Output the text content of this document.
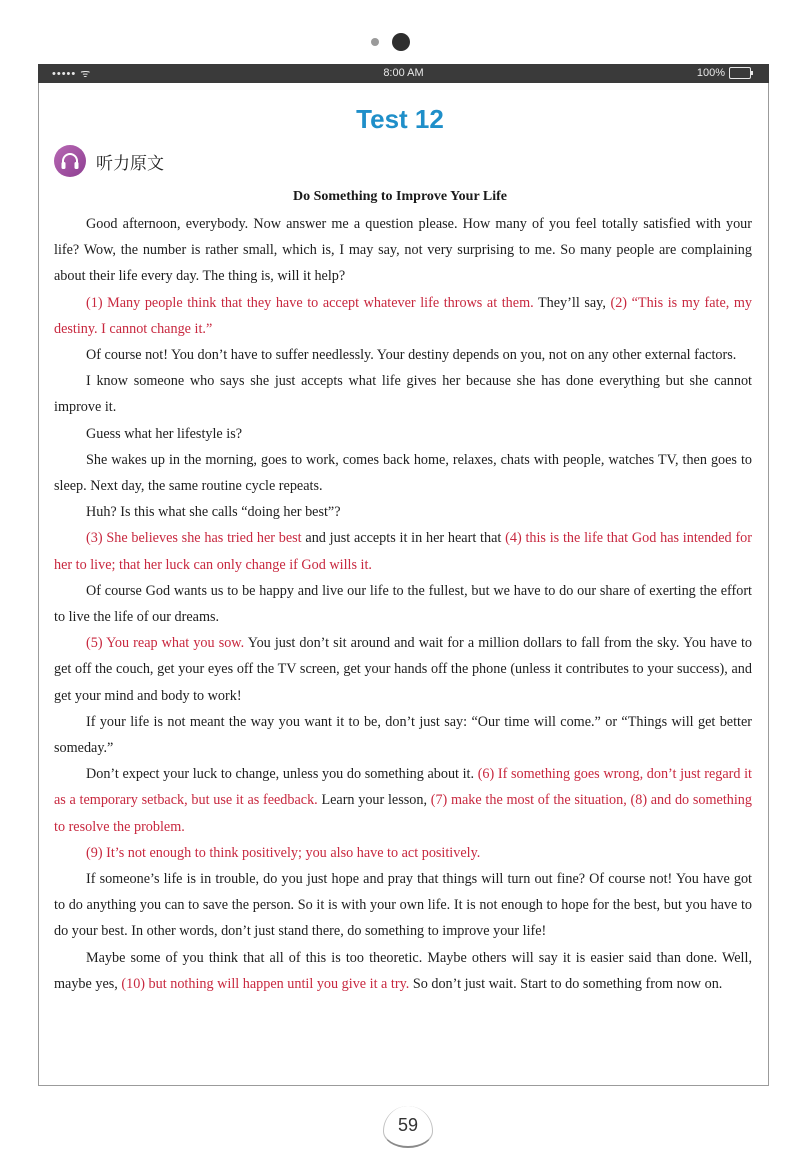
••••• ᯤ	8:00 AM	100%
Test 12
听力原文
Do Something to Improve Your Life

Good afternoon, everybody. Now answer me a question please. How many of you feel totally satisfied with your life? Wow, the number is rather small, which is, I may say, not very surprising to me. So many people are complaining about their life every day. The thing is, will it help?

(1) Many people think that they have to accept whatever life throws at them. They’ll say, (2) “This is my fate, my destiny. I cannot change it.”

Of course not! You don’t have to suffer needlessly. Your destiny depends on you, not on any other external factors.

I know someone who says she just accepts what life gives her because she has done everything but she cannot improve it.

Guess what her lifestyle is?

She wakes up in the morning, goes to work, comes back home, relaxes, chats with people, watches TV, then goes to sleep. Next day, the same routine cycle repeats.

Huh? Is this what she calls “doing her best”?

(3) She believes she has tried her best and just accepts it in her heart that (4) this is the life that God has intended for her to live; that her luck can only change if God wills it.

Of course God wants us to be happy and live our life to the fullest, but we have to do our share of exerting the effort to live the life of our dreams.

(5) You reap what you sow. You just don’t sit around and wait for a million dollars to fall from the sky. You have to get off the couch, get your eyes off the TV screen, get your hands off the phone (unless it contributes to your success), and get your mind and body to work!

If your life is not meant the way you want it to be, don’t just say: “Our time will come.” or “Things will get better someday.”

Don’t expect your luck to change, unless you do something about it. (6) If something goes wrong, don’t just regard it as a temporary setback, but use it as feedback. Learn your lesson, (7) make the most of the situation, (8) and do something to resolve the problem.

(9) It’s not enough to think positively; you also have to act positively.

If someone’s life is in trouble, do you just hope and pray that things will turn out fine? Of course not! You have got to do anything you can to save the person. So it is with your own life. It is not enough to hope for the best, but you have to do your best. In other words, don’t just stand there, do something to improve your life!

Maybe some of you think that all of this is too theoretic. Maybe others will say it is easier said than done. Well, maybe yes, (10) but nothing will happen until you give it a try. So don’t just wait. Start to do something from now on.

59
